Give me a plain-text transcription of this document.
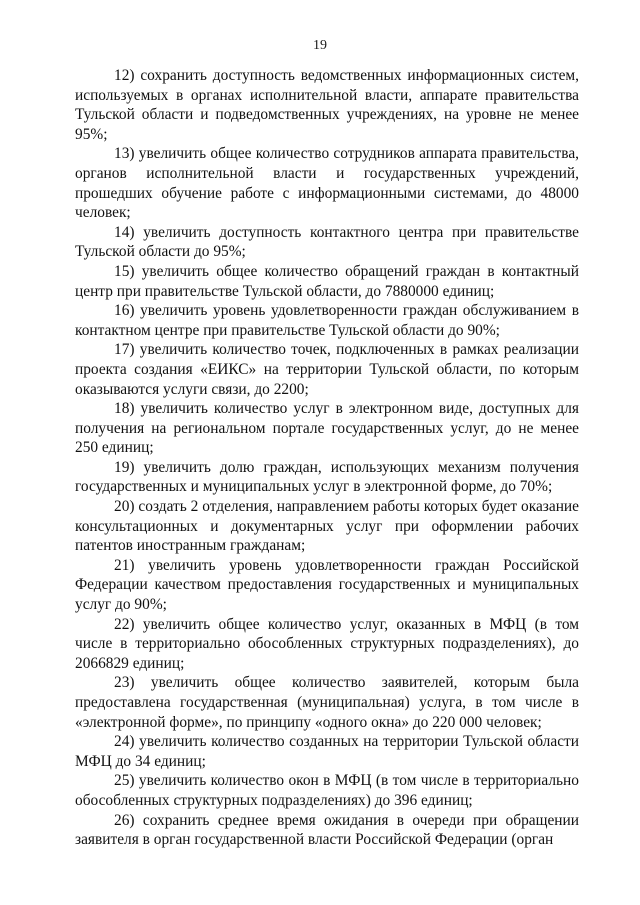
19

12) сохранить доступность ведомственных информационных систем, используемых в органах исполнительной власти, аппарате правительства Тульской области и подведомственных учреждениях, на уровне не менее 95%;

13) увеличить общее количество сотрудников аппарата правительства, органов исполнительной власти и государственных учреждений, прошедших обучение работе с информационными системами, до 48000 человек;

14) увеличить доступность контактного центра при правительстве Тульской области до 95%;

15) увеличить общее количество обращений граждан в контактный центр при правительстве Тульской области, до 7880000 единиц;

16) увеличить уровень удовлетворенности граждан обслуживанием в контактном центре при правительстве Тульской области до 90%;

17) увеличить количество точек, подключенных в рамках реализации проекта создания «ЕИКС» на территории Тульской области, по которым оказываются услуги связи, до 2200;

18) увеличить количество услуг в электронном виде, доступных для получения на региональном портале государственных услуг, до не менее 250 единиц;

19) увеличить долю граждан, использующих механизм получения государственных и муниципальных услуг в электронной форме, до 70%;

20) создать 2 отделения, направлением работы которых будет оказание консультационных и документарных услуг при оформлении рабочих патентов иностранным гражданам;

21) увеличить уровень удовлетворенности граждан Российской Федерации качеством предоставления государственных и муниципальных услуг до 90%;

22) увеличить общее количество услуг, оказанных в МФЦ (в том числе в территориально обособленных структурных подразделениях), до 2066829 единиц;

23) увеличить общее количество заявителей, которым была предоставлена государственная (муниципальная) услуга, в том числе в «электронной форме», по принципу «одного окна» до 220 000 человек;

24) увеличить количество созданных на территории Тульской области МФЦ до 34 единиц;

25) увеличить количество окон в МФЦ (в том числе в территориально обособленных структурных подразделениях) до 396 единиц;

26) сохранить среднее время ожидания в очереди при обращении заявителя в орган государственной власти Российской Федерации (орган
